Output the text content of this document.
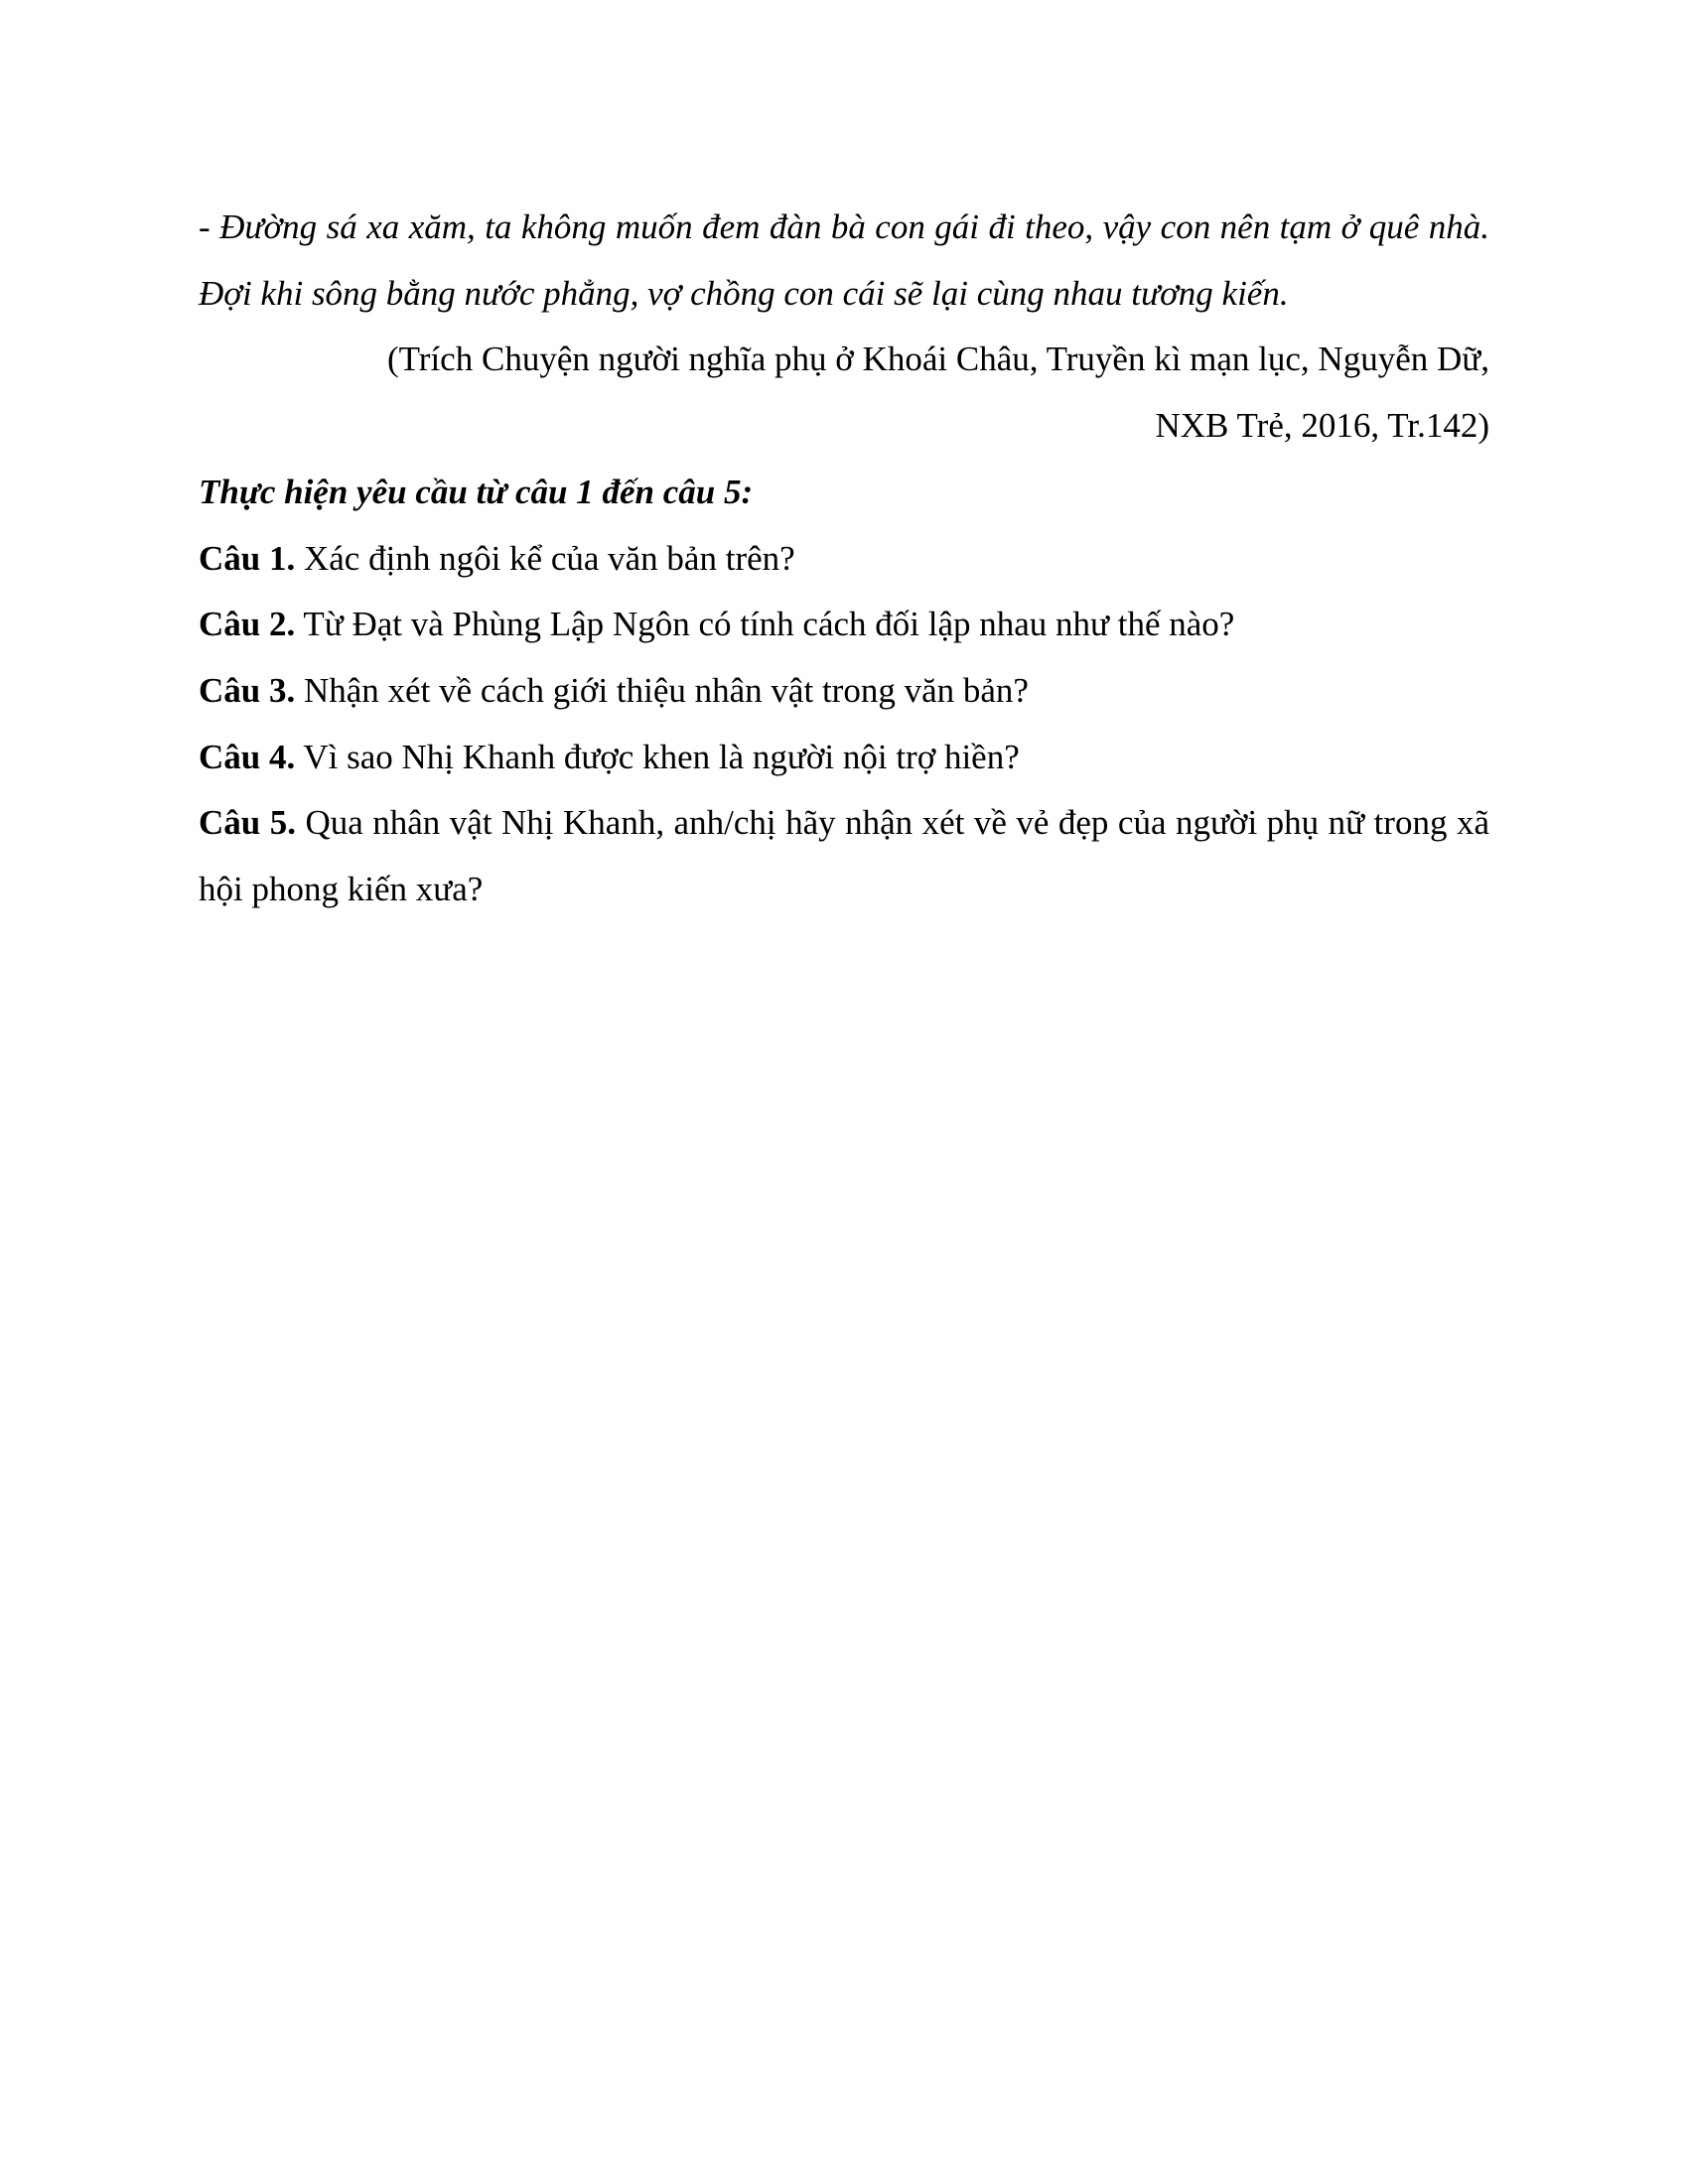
- Đường sá xa xăm, ta không muốn đem đàn bà con gái đi theo, vậy con nên tạm ở quê nhà. Đợi khi sông bằng nước phẳng, vợ chồng con cái sẽ lại cùng nhau tương kiến.

(Trích Chuyện người nghĩa phụ ở Khoái Châu, Truyền kì mạn lục, Nguyễn Dữ,
NXB Trẻ, 2016, Tr.142)

Thực hiện yêu cầu từ câu 1 đến câu 5:

Câu 1. Xác định ngôi kể của văn bản trên?

Câu 2. Từ Đạt và Phùng Lập Ngôn có tính cách đối lập nhau như thế nào?

Câu 3. Nhận xét về cách giới thiệu nhân vật trong văn bản?

Câu 4. Vì sao Nhị Khanh được khen là người nội trợ hiền?

Câu 5. Qua nhân vật Nhị Khanh, anh/chị hãy nhận xét về vẻ đẹp của người phụ nữ trong xã hội phong kiến xưa?
